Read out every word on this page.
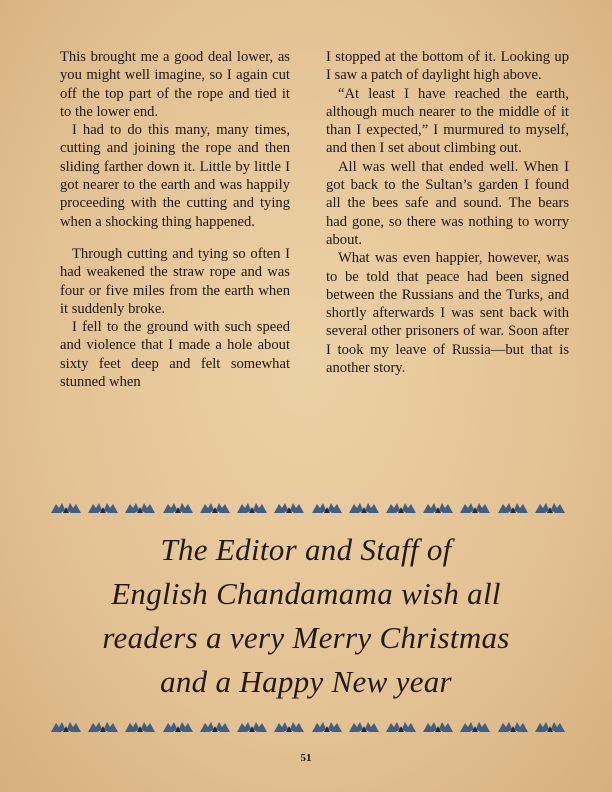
This brought me a good deal lower, as you might well imagine, so I again cut off the top part of the rope and tied it to the lower end.

I had to do this many, many times, cutting and joining the rope and then sliding farther down it. Little by little I got nearer to the earth and was happily proceeding with the cutting and tying when a shocking thing happened.

Through cutting and tying so often I had weakened the straw rope and was four or five miles from the earth when it suddenly broke.

I fell to the ground with such speed and violence that I made a hole about sixty feet deep and felt somewhat stunned when

I stopped at the bottom of it. Looking up I saw a patch of daylight high above.

“At least I have reached the earth, although much nearer to the middle of it than I expected,” I murmured to myself, and then I set about climbing out.

All was well that ended well. When I got back to the Sultan’s garden I found all the bees safe and sound. The bears had gone, so there was nothing to worry about.

What was even happier, however, was to be told that peace had been signed between the Russians and the Turks, and shortly afterwards I was sent back with several other prisoners of war. Soon after I took my leave of Russia—but that is another story.

The Editor and Staff of
English Chandamama wish all
readers a very Merry Christmas
and a Happy New year
51
